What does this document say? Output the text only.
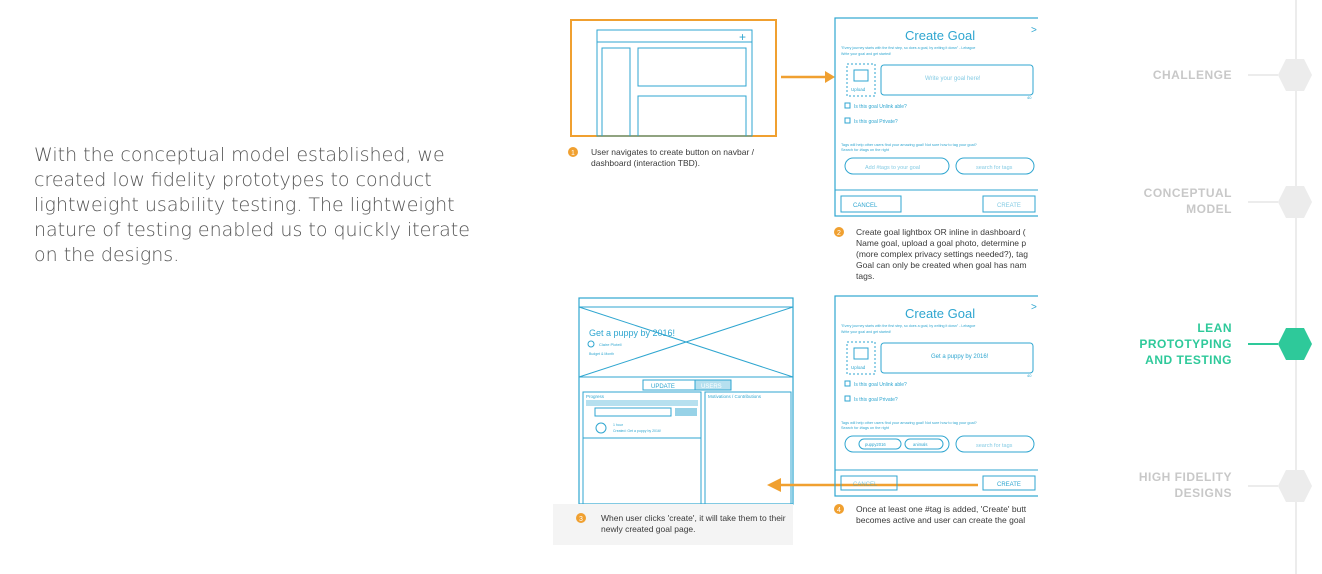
With the conceptual model established, we created low fidelity prototypes to conduct lightweight usability testing. The lightweight nature of testing enabled us to quickly iterate on the designs.

+
1 User navigates to create button on navbar /
dashboard (interaction TBD).
Create Goal	>
"Every journey starts with the first step, so does a goal, by writing it down" - Lebagoe
Write your goal and get started!
Upload
Write your goal here!
40
Is this goal Unlink able?
Is this goal Private?
Tags will help other users find your amazing goal! Not sure how to tag your goal?
Search for #tags on the right
Add #tags to your goal	search for tags
CANCEL	CREATE
2 Create goal lightbox OR inline in dashboard (
Name goal, upload a goal photo, determine p
(more complex privacy settings needed?), tag
Goal can only be created when goal has nam
tags.
Get a puppy by 2016!
Claire Plotell
Budget & Month
UPDATE	USERS
Progress
1 hour
Created: Get a puppy by 2016!
Motivations / Contributions
3 When user clicks 'create', it will take them to their
newly created goal page.
Create Goal	>
"Every journey starts with the first step, so does a goal, by writing it down" - Lebagoe
Write your goal and get started!
Upload
Get a puppy by 2016!
40
Is this goal Unlink able?
Is this goal Private?
Tags will help other users find your amazing goal! Not sure how to tag your goal?
Search for #tags on the right
puppy2016	animals	search for tags
CANCEL	CREATE
4 Once at least one #tag is added, 'Create' butt
becomes active and user can create the goal
CHALLENGE
CONCEPTUAL
MODEL
LEAN
PROTOTYPING
AND TESTING
HIGH FIDELITY
DESIGNS
